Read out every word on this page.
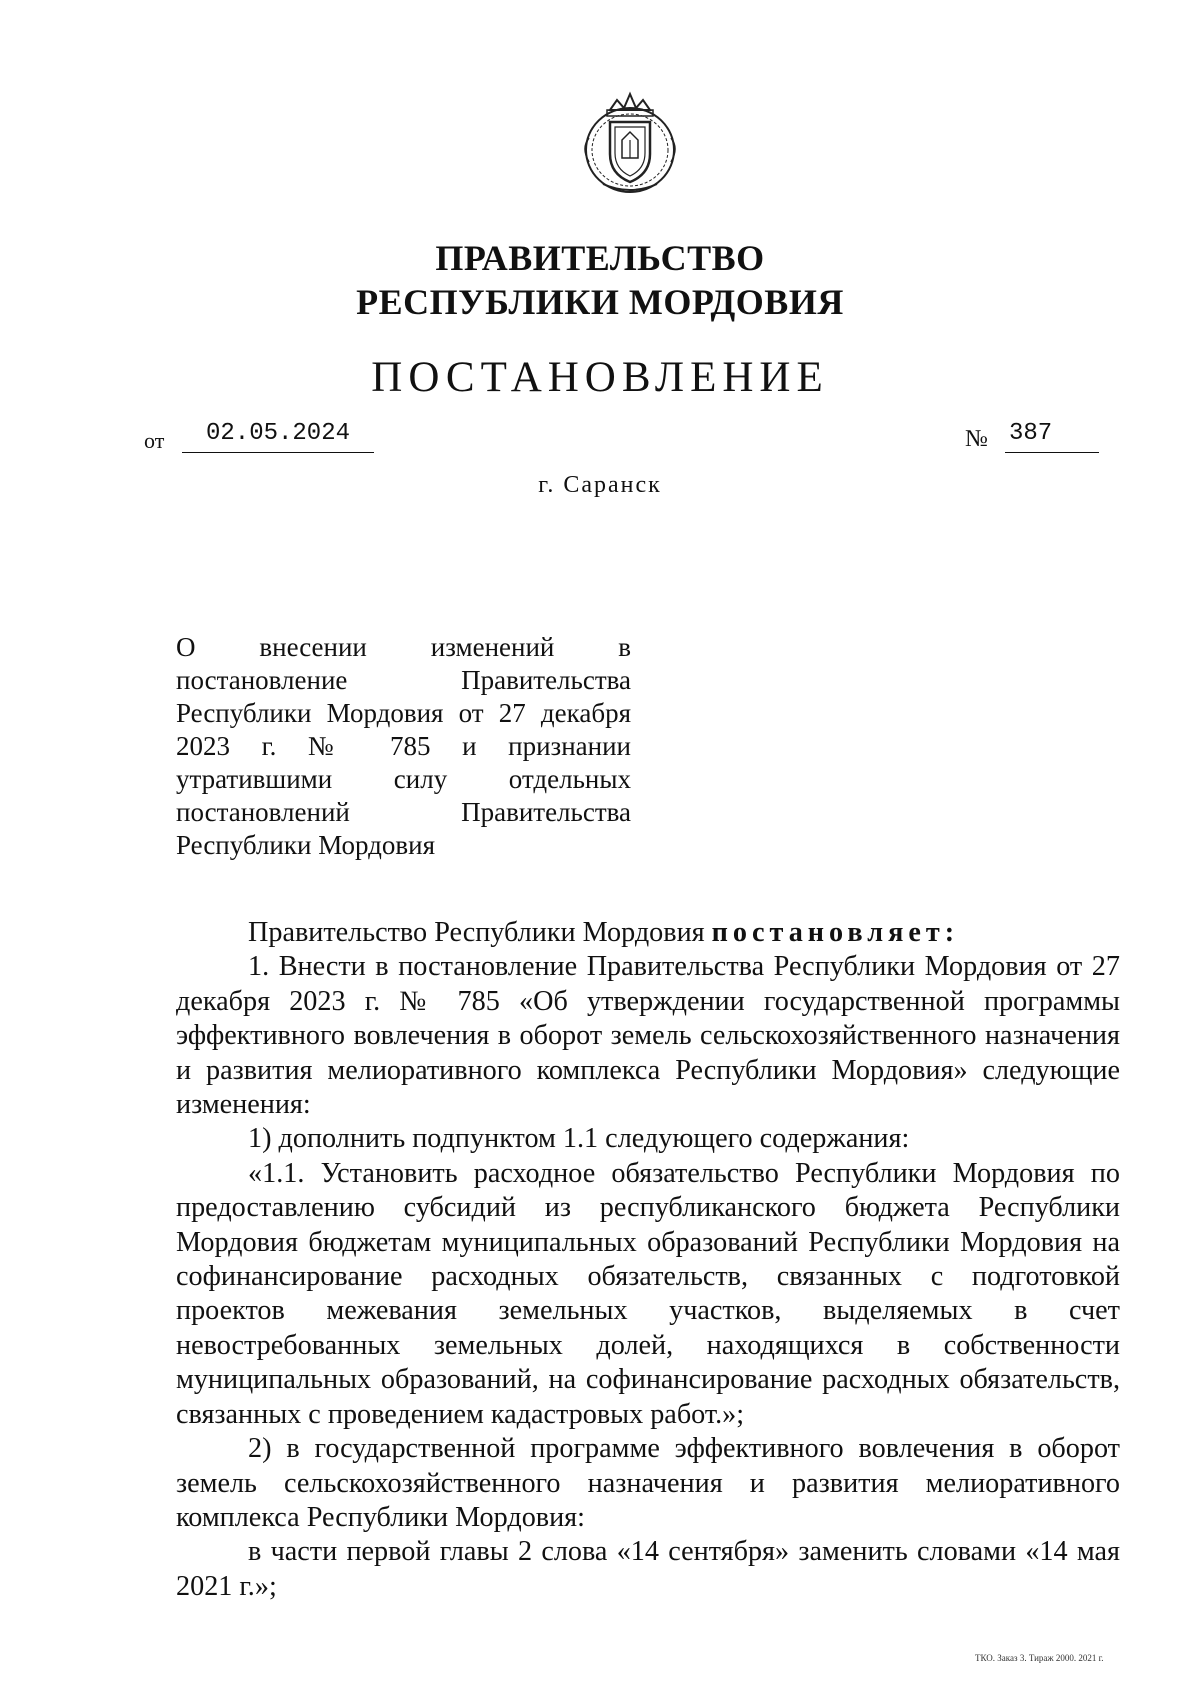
ПРАВИТЕЛЬСТВО
РЕСПУБЛИКИ МОРДОВИЯ
ПОСТАНОВЛЕНИЕ
от	02.05.2024	№ 387
г. Саранск
О внесении изменений в
постановление Правительства
Республики Мордовия от 27 декабря
2023 г. № 785 и признании
утратившими силу отдельных
постановлений Правительства
Республики Мордовия

Правительство Республики Мордовия постановляет:

1. Внести в постановление Правительства Республики Мордовия от 27 декабря 2023 г. № 785 «Об утверждении государственной программы эффективного вовлечения в оборот земель сельскохозяйственного назначения и развития мелиоративного комплекса Республики Мордовия» следующие изменения:

1) дополнить подпунктом 1.1 следующего содержания:

«1.1. Установить расходное обязательство Республики Мордовия по предоставлению субсидий из республиканского бюджета Республики Мордовия бюджетам муниципальных образований Республики Мордовия на софинансирование расходных обязательств, связанных с подготовкой проектов межевания земельных участков, выделяемых в счет невостребованных земельных долей, находящихся в собственности муниципальных образований, на софинансирование расходных обязательств, связанных с проведением кадастровых работ.»;

2) в государственной программе эффективного вовлечения в оборот земель сельскохозяйственного назначения и развития мелиоративного комплекса Республики Мордовия:

в части первой главы 2 слова «14 сентября» заменить словами «14 мая 2021 г.»;

ТКО. Заказ 3. Тираж 2000. 2021 г.
